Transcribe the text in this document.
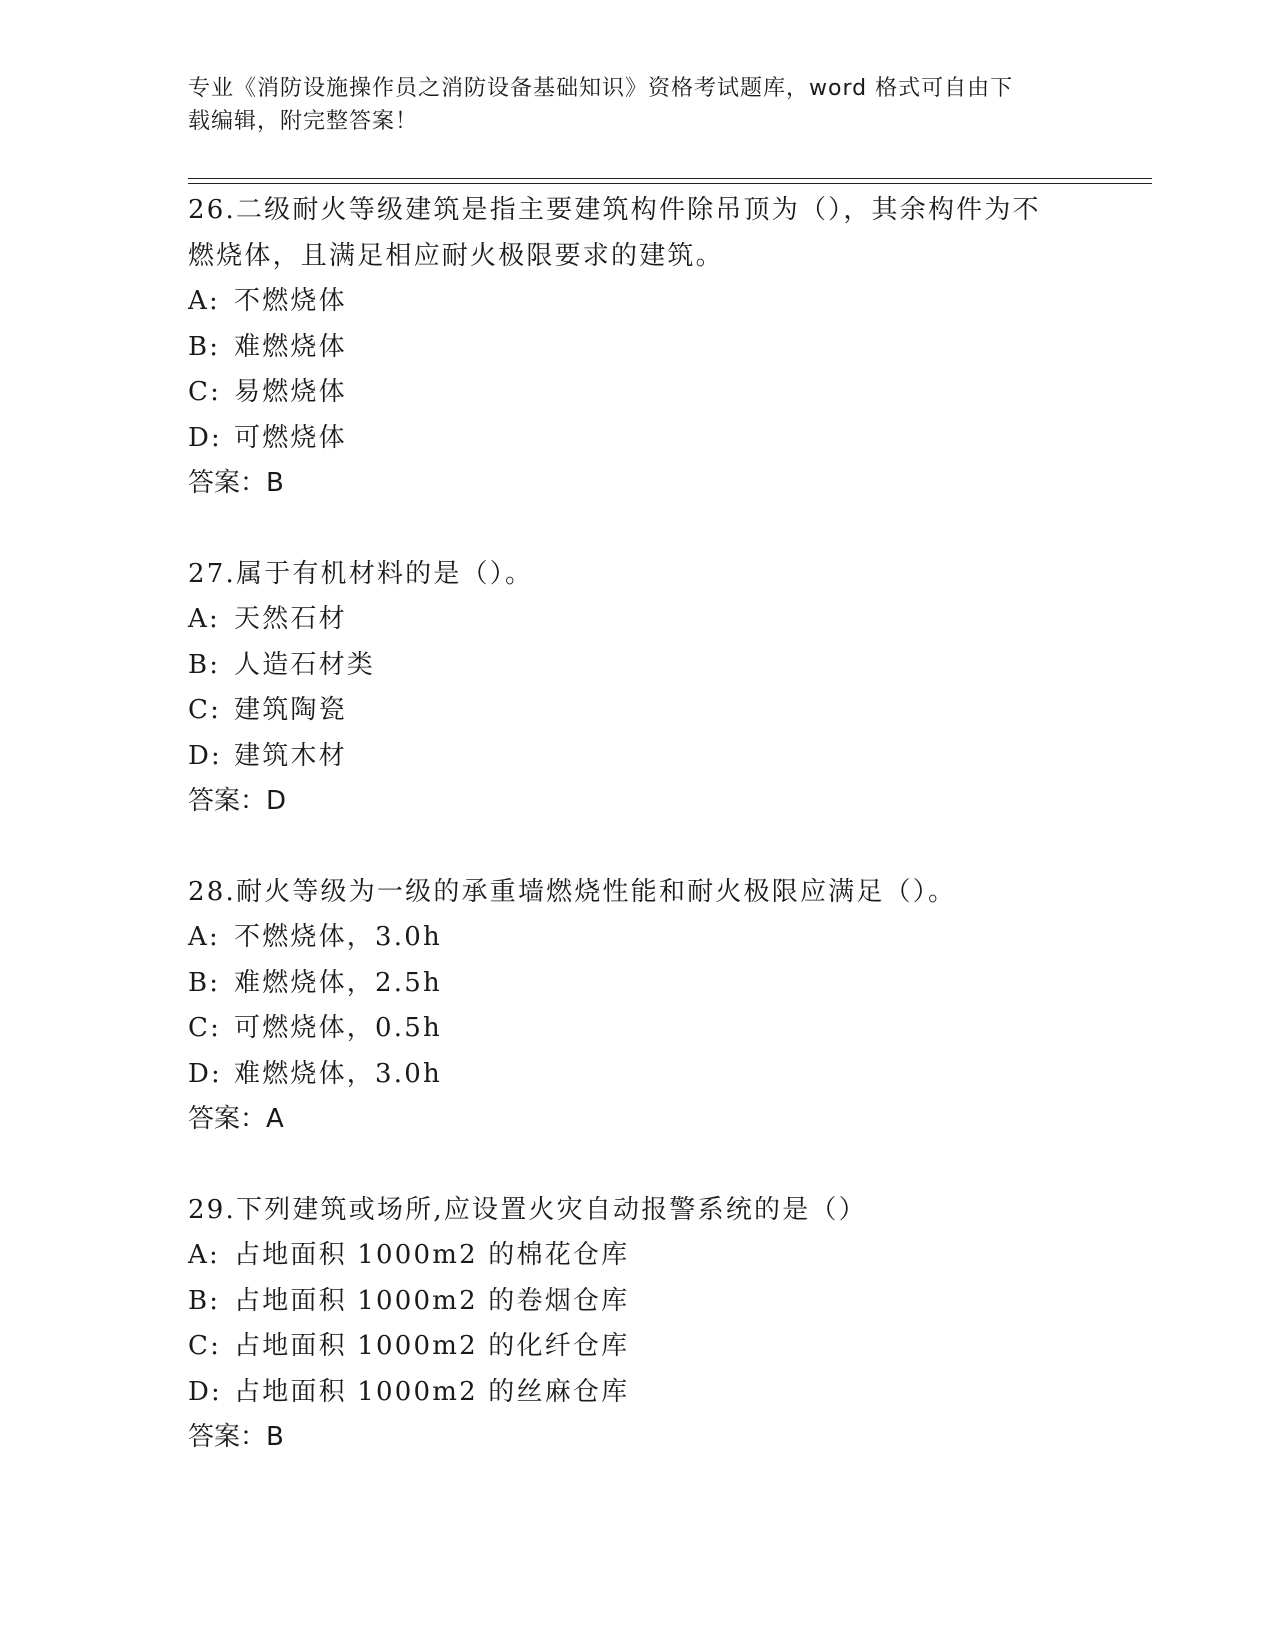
专业《消防设施操作员之消防设备基础知识》资格考试题库，word 格式可自由下
载编辑，附完整答案！

26.二级耐火等级建筑是指主要建筑构件除吊顶为（），其余构件为不

燃烧体，且满足相应耐火极限要求的建筑。

A: 不燃烧体

B: 难燃烧体

C: 易燃烧体

D: 可燃烧体

答案：B

27.属于有机材料的是（）。

A: 天然石材

B: 人造石材类

C: 建筑陶瓷

D: 建筑木材

答案：D

28.耐火等级为一级的承重墙燃烧性能和耐火极限应满足（）。

A: 不燃烧体，3.0h

B: 难燃烧体，2.5h

C: 可燃烧体，0.5h

D: 难燃烧体，3.0h

答案：A

29.下列建筑或场所,应设置火灾自动报警系统的是（）

A: 占地面积 1000m2 的棉花仓库

B: 占地面积 1000m2 的卷烟仓库

C: 占地面积 1000m2 的化纤仓库

D: 占地面积 1000m2 的丝麻仓库

答案：B
